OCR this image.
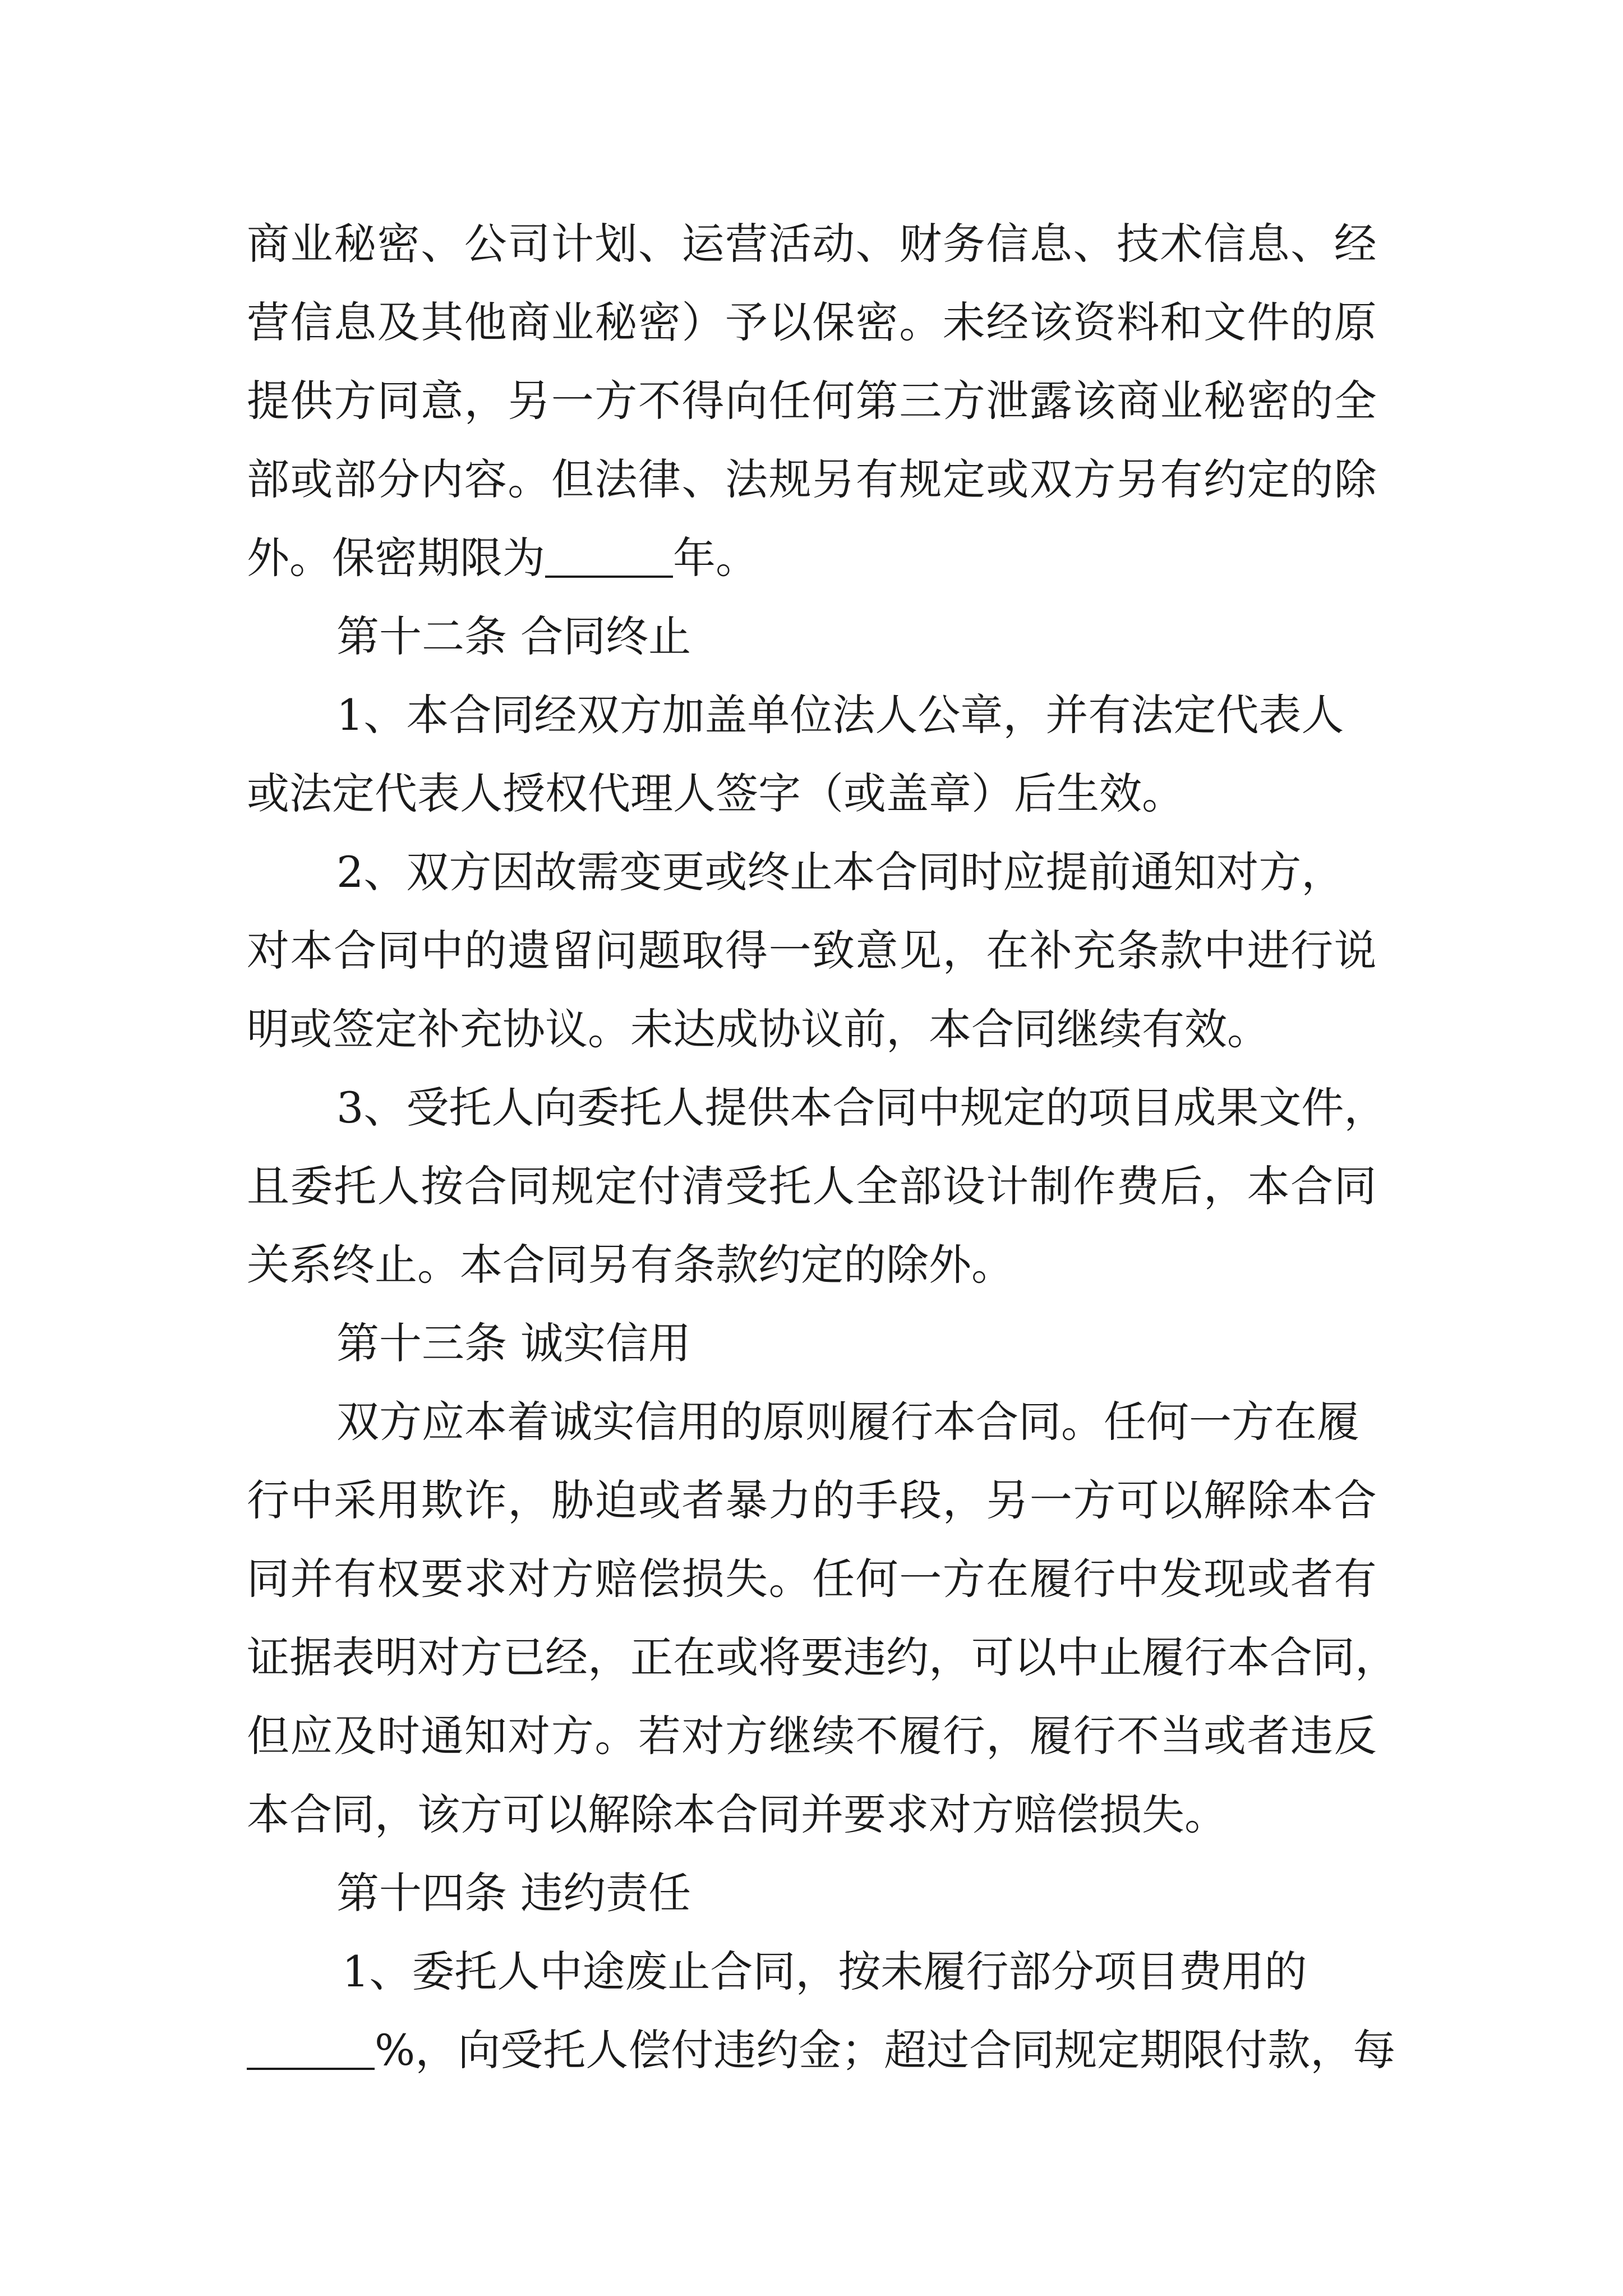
商 业 秘 密 、 公 司 计 划 、 运 营 活 动 、 财 务 信 息 、 技 术 信 息 、 经
营 信 息 及 其 他 商 业 秘 密 ） 予 以 保 密 。 未 经 该 资 料 和 文 件 的 原
提 供 方 同 意 ， 另 一 方 不 得 向 任 何 第 三 方 泄 露 该 商 业 秘 密 的 全
部 或 部 分 内 容 。 但 法 律 、 法 规 另 有 规 定 或 双 方 另 有 约 定 的 除
外。保密期限为　　　	年。
第十二条 合同终止
1、本合同经双方加盖单位法人公章，并有法定代表人
或法定代表人授权代理人签字（或盖章）后生效。
2、双方因故需变更或终止本合同时应提前通知对方，
对 本 合 同 中 的 遗 留 问 题 取 得 一 致 意 见 ， 在 补 充 条 款 中 进 行 说
明或签定补充协议。未达成协议前，本合同继续有效。
3、受托人向委托人提供本合同中规定的项目成果文件，
且 委 托 人 按 合 同 规 定 付 清 受 托 人 全 部 设 计 制 作 费 后 ， 本 合 同
关系终止。本合同另有条款约定的除外。
第十三条 诚实信用
双方应本着诚实信用的原则履行本合同。任何一方在履
行 中 采 用 欺 诈 ， 胁 迫 或 者 暴 力 的 手 段 ， 另 一 方 可 以 解 除 本 合
同 并 有 权 要 求 对 方 赔 偿 损 失 。 任 何 一 方 在 履 行 中 发 现 或 者 有
证 据 表 明 对 方 已 经 ， 正 在 或 将 要 违 约 ， 可 以 中 止 履 行 本 合 同 ，
但 应 及 时 通 知 对 方 。 若 对 方 继 续 不 履 行 ， 履 行 不 当 或 者 违 反
本合同，该方可以解除本合同并要求对方赔偿损失。
第十四条 违约责任
1、委托人中途废止合同，按未履行部分项目费用的
　　　%，向受托人偿付违约金；超过合同规定期限付款，每
